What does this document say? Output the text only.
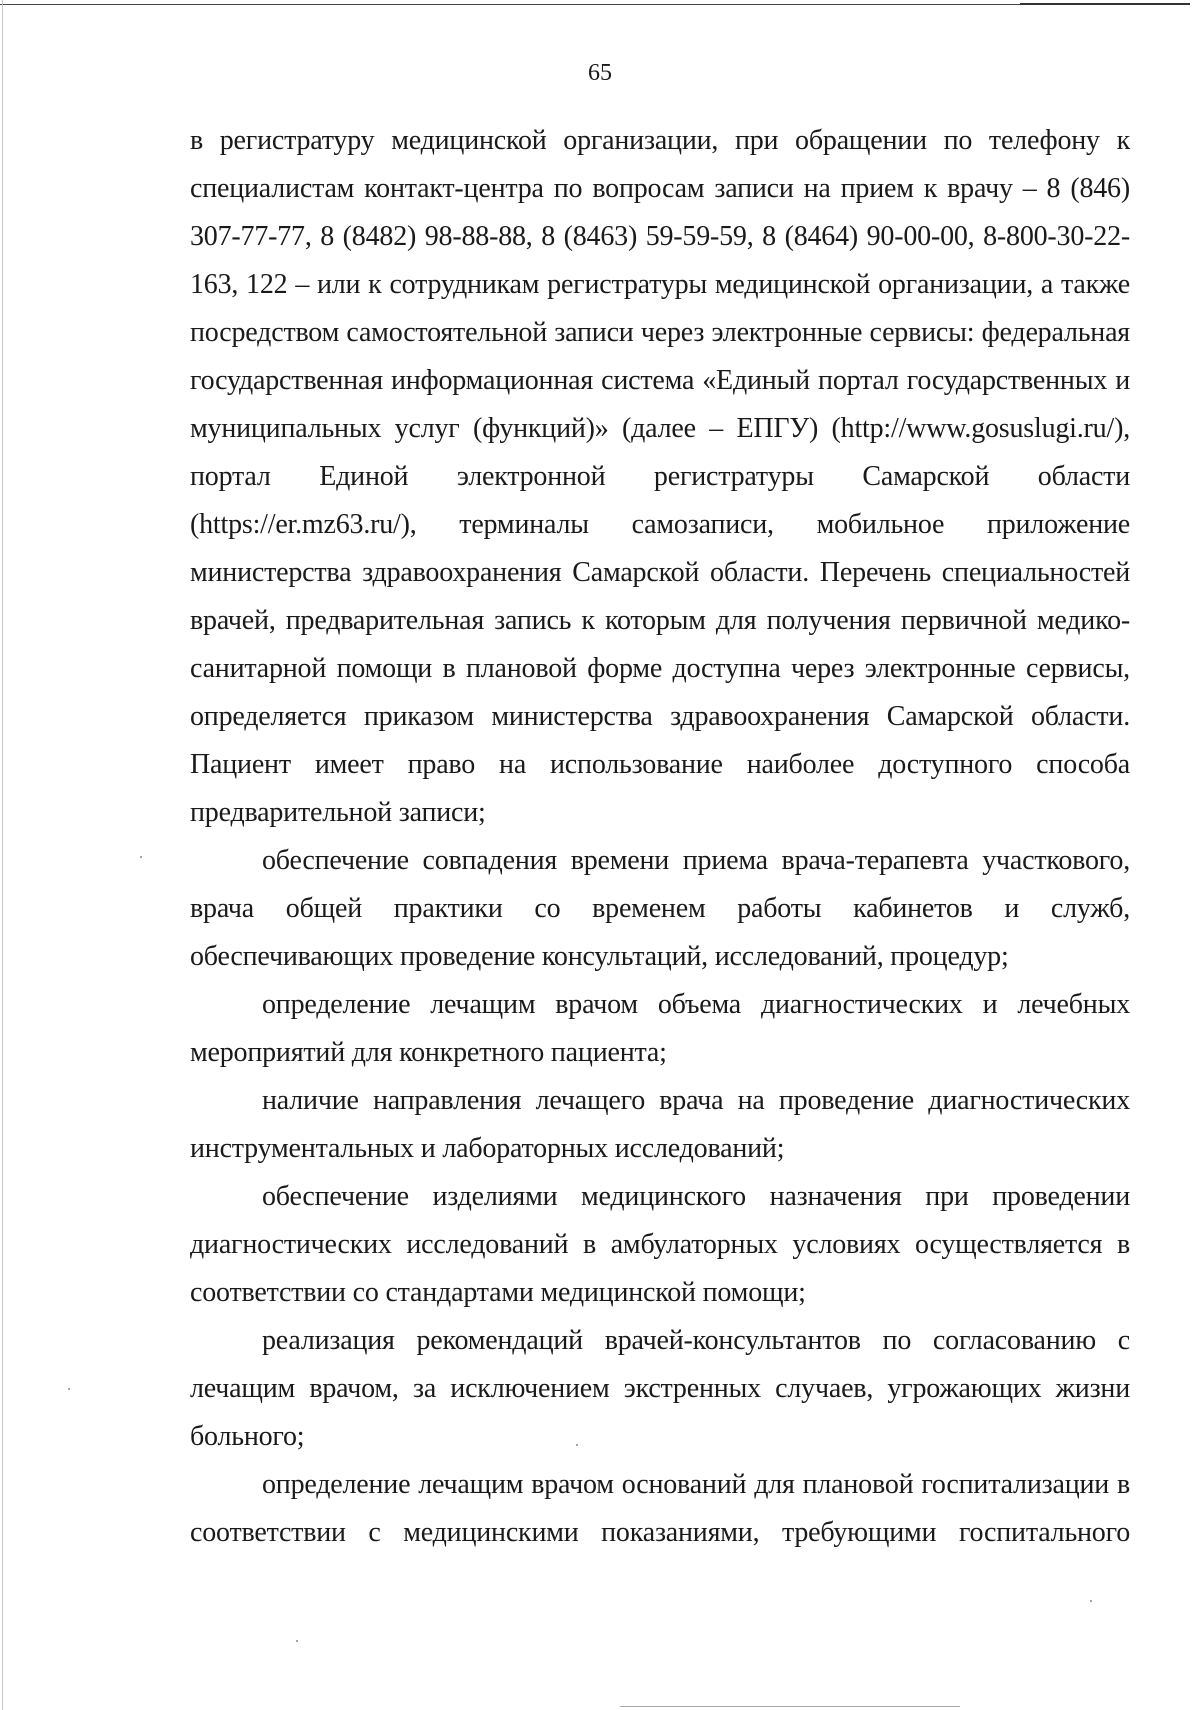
65

в регистратуру медицинской организации, при обращении по телефону к специалистам контакт-центра по вопросам записи на прием к врачу – 8 (846) 307-77-77, 8 (8482) 98-88-88, 8 (8463) 59-59-59, 8 (8464) 90-00-00, 8-800-30-22-163, 122 – или к сотрудникам регистратуры медицинской организации, а также посредством самостоятельной записи через электронные сервисы: федеральная государственная информационная система «Единый портал государственных и муниципальных услуг (функций)» (далее – ЕПГУ) (http://www.gosuslugi.ru/), портал Единой электронной регистратуры Самарской области (https://er.mz63.ru/), терминалы самозаписи, мобильное приложение министерства здравоохранения Самарской области. Перечень специальностей врачей, предварительная запись к которым для получения первичной медико-санитарной помощи в плановой форме доступна через электронные сервисы, определяется приказом министерства здравоохранения Самарской области. Пациент имеет право на использование наиболее доступного способа предварительной записи;

обеспечение совпадения времени приема врача-терапевта участкового, врача общей практики со временем работы кабинетов и служб, обеспечивающих проведение консультаций, исследований, процедур;

определение лечащим врачом объема диагностических и лечебных мероприятий для конкретного пациента;

наличие направления лечащего врача на проведение диагностических инструментальных и лабораторных исследований;

обеспечение изделиями медицинского назначения при проведении диагностических исследований в амбулаторных условиях осуществляется в соответствии со стандартами медицинской помощи;

реализация рекомендаций врачей-консультантов по согласованию с лечащим врачом, за исключением экстренных случаев, угрожающих жизни больного;

определение лечащим врачом оснований для плановой госпитализации в соответствии с медицинскими показаниями, требующими госпитального
